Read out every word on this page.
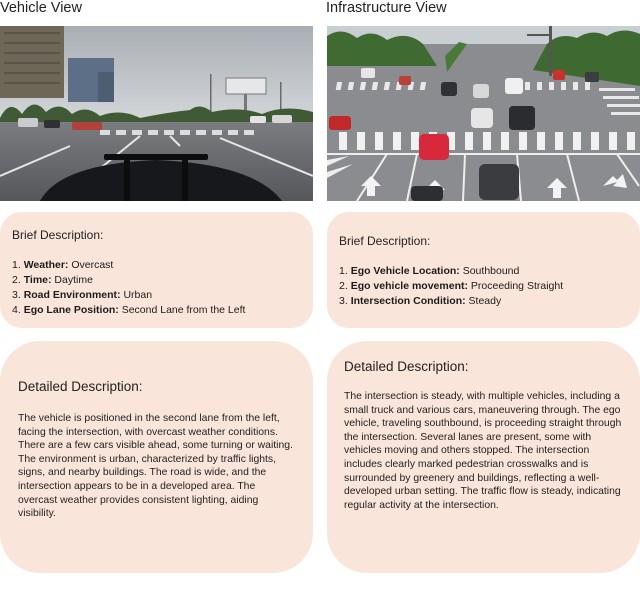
Vehicle View
Brief Description:
1. Weather: Overcast
2. Time: Daytime
3. Road Environment: Urban
4. Ego Lane Position: Second Lane from the Left
Detailed Description:
The vehicle is positioned in the second lane from the left, facing the intersection, with overcast weather conditions. There are a few cars visible ahead, some turning or waiting. The environment is urban, characterized by traffic lights, signs, and nearby buildings. The road is wide, and the intersection appears to be in a developed area. The overcast weather provides consistent lighting, aiding visibility.
Infrastructure View
Brief Description:
1. Ego Vehicle Location: Southbound
2. Ego vehicle movement: Proceeding Straight
3. Intersection Condition: Steady
Detailed Description:
The intersection is steady, with multiple vehicles, including a small truck and various cars, maneuvering through. The ego vehicle, traveling southbound, is proceeding straight through the intersection. Several lanes are present, some with vehicles moving and others stopped. The intersection includes clearly marked pedestrian crosswalks and is surrounded by greenery and buildings, reflecting a well-developed urban setting. The traffic flow is steady, indicating regular activity at the intersection.
